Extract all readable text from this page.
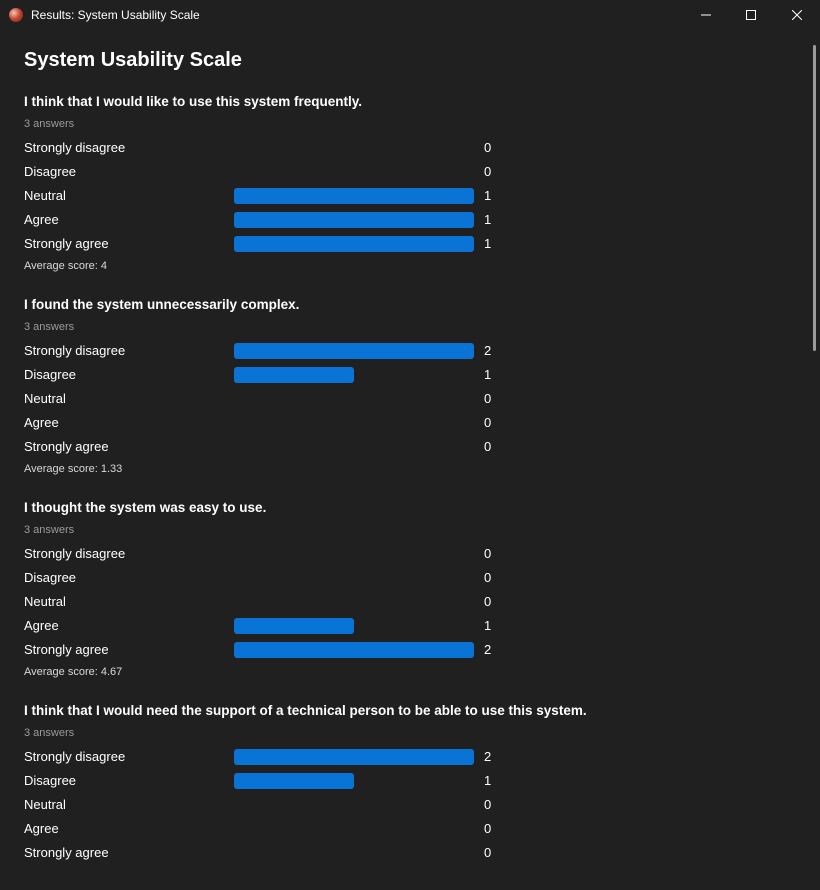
Results: System Usability Scale
System Usability Scale
I think that I would like to use this system frequently.
3 answers
Strongly disagree	0
Disagree	0
Neutral	1
Agree	1
Strongly agree	1
Average score: 4
I found the system unnecessarily complex.
3 answers
Strongly disagree	2
Disagree	1
Neutral	0
Agree	0
Strongly agree	0
Average score: 1.33
I thought the system was easy to use.
3 answers
Strongly disagree	0
Disagree	0
Neutral	0
Agree	1
Strongly agree	2
Average score: 4.67
I think that I would need the support of a technical person to be able to use this system.
3 answers
Strongly disagree	2
Disagree	1
Neutral	0
Agree	0
Strongly agree	0
